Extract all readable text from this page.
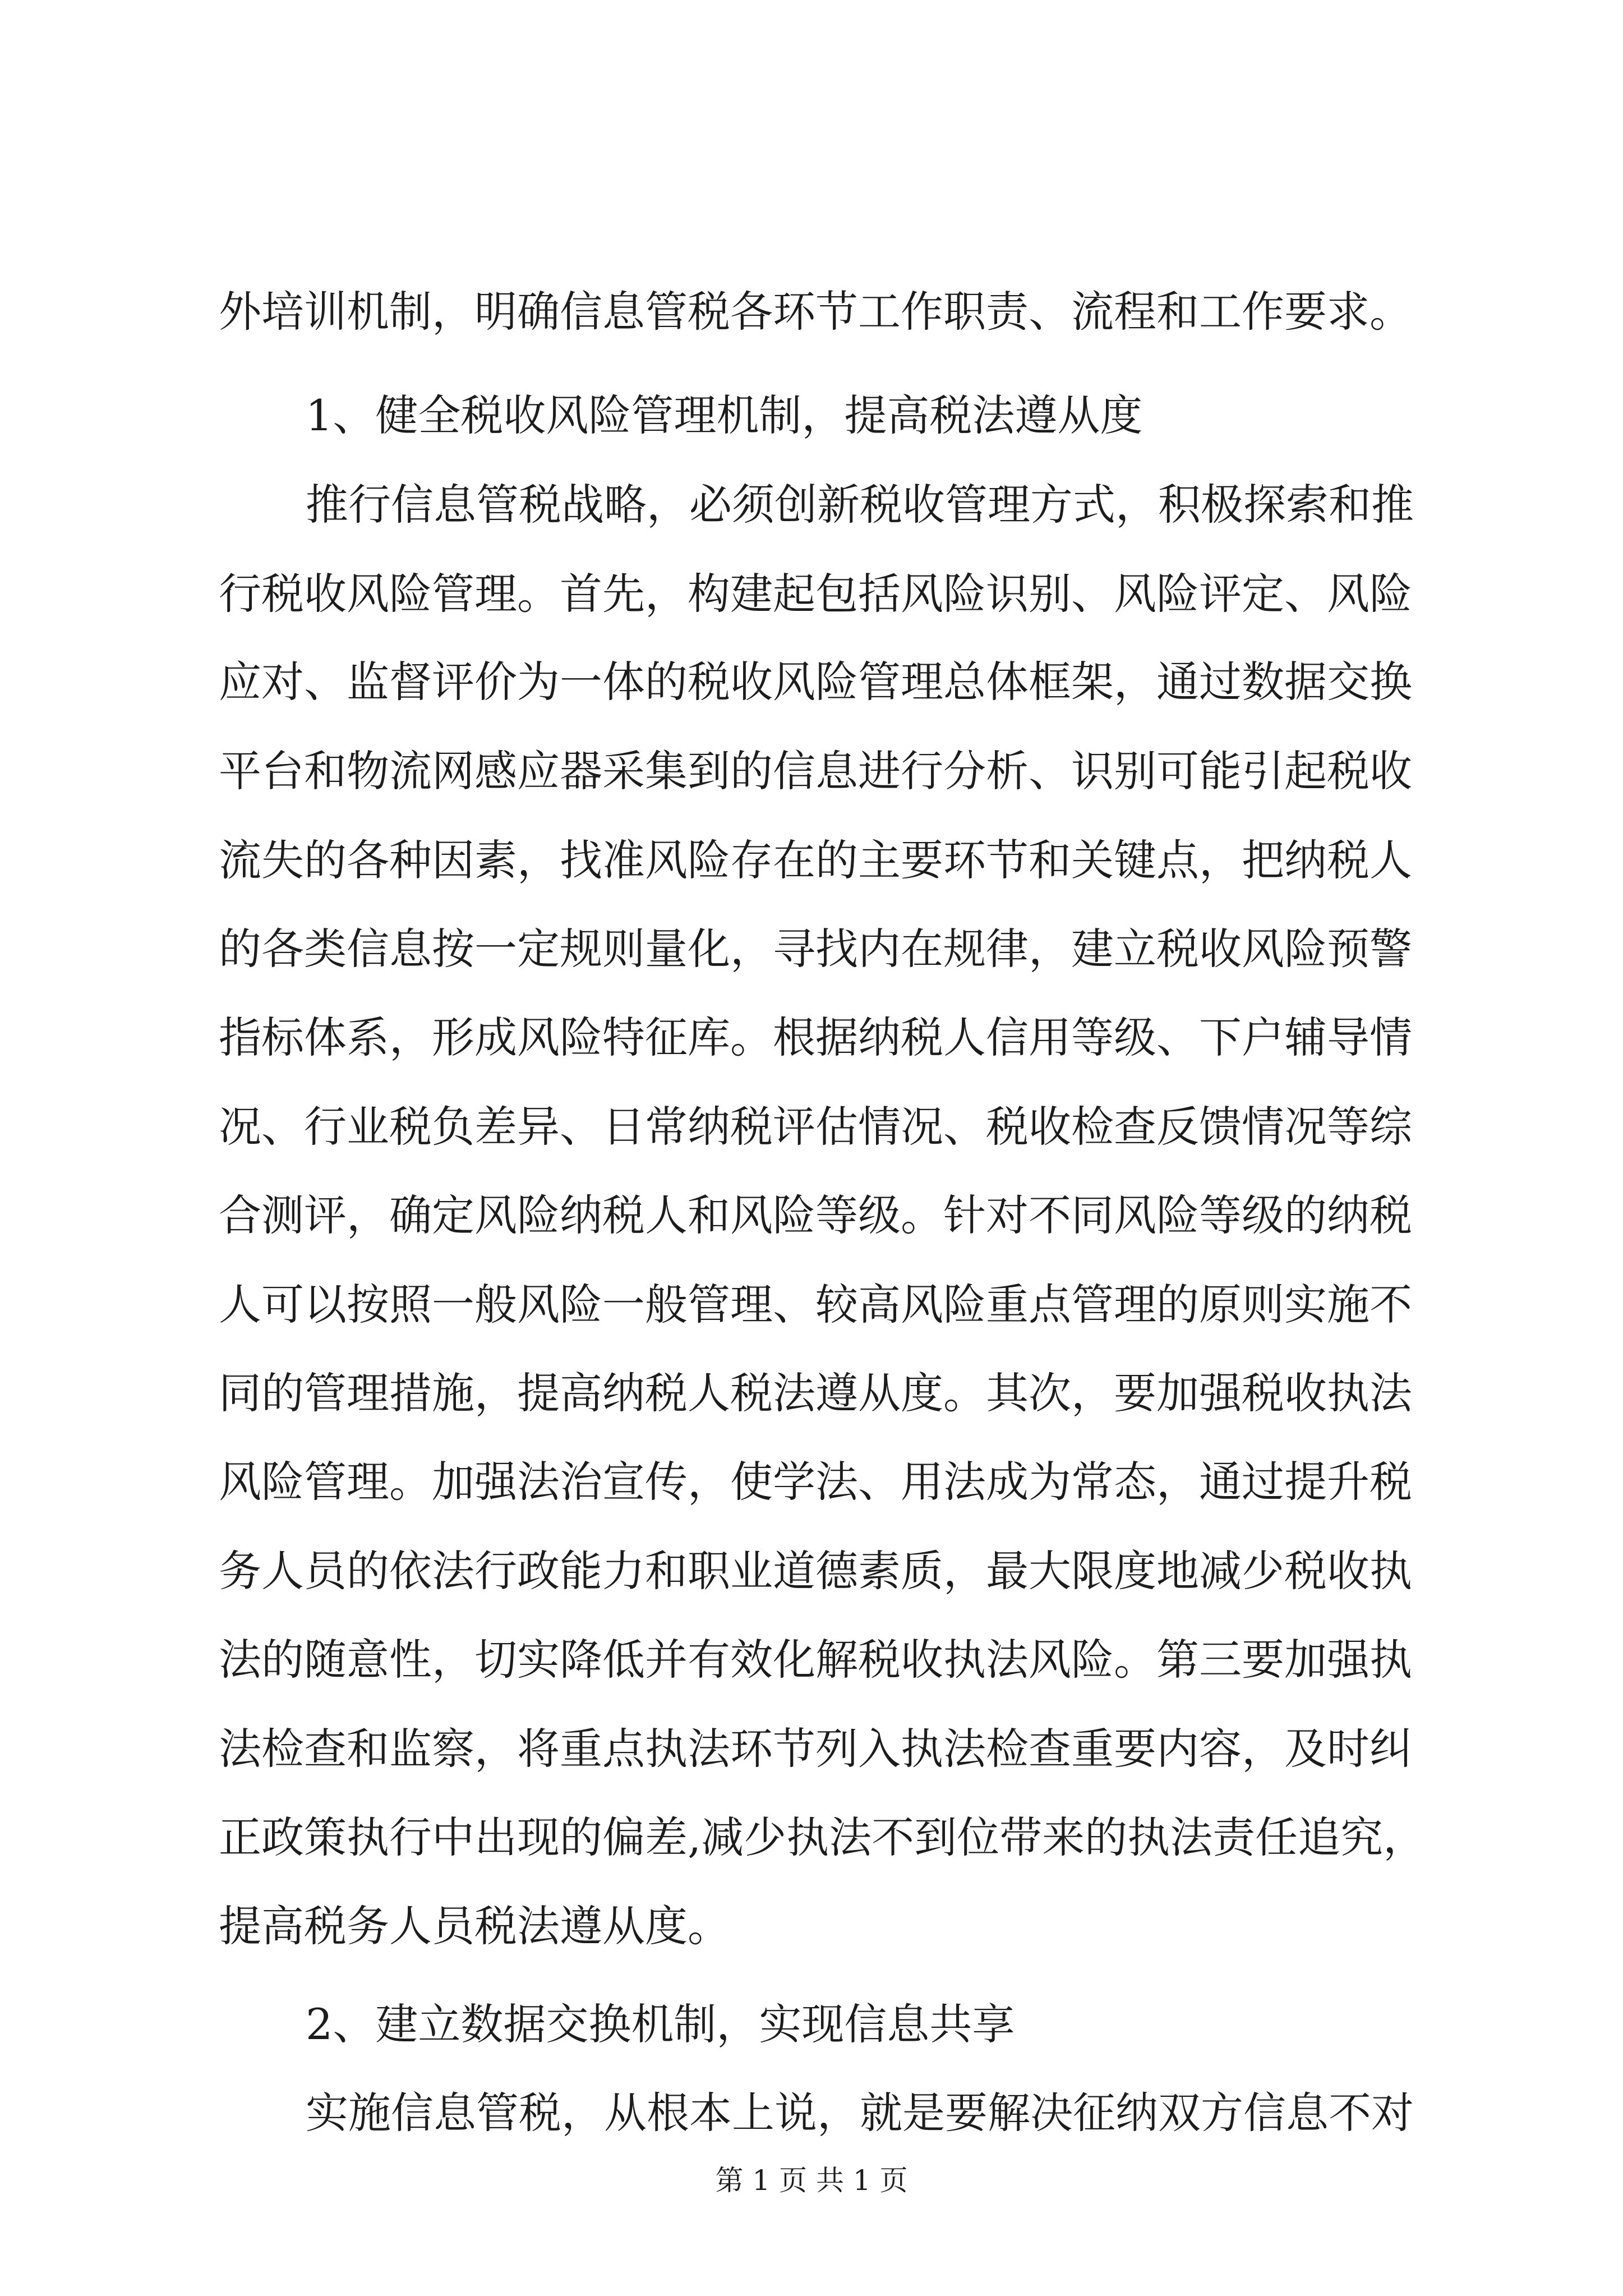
外培训机制，明确信息管税各环节工作职责、流程和工作要求。
1、健全税收风险管理机制，提高税法遵从度
推行信息管税战略，必须创新税收管理方式，积极探索和推
行税收风险管理。首先，构建起包括风险识别、风险评定、风险
应对、监督评价为一体的税收风险管理总体框架，通过数据交换
平台和物流网感应器采集到的信息进行分析、识别可能引起税收
流失的各种因素，找准风险存在的主要环节和关键点，把纳税人
的各类信息按一定规则量化，寻找内在规律，建立税收风险预警
指标体系，形成风险特征库。根据纳税人信用等级、下户辅导情
况、行业税负差异、日常纳税评估情况、税收检查反馈情况等综
合测评，确定风险纳税人和风险等级。针对不同风险等级的纳税
人可以按照一般风险一般管理、较高风险重点管理的原则实施不
同的管理措施，提高纳税人税法遵从度。其次，要加强税收执法
风险管理。加强法治宣传，使学法、用法成为常态，通过提升税
务人员的依法行政能力和职业道德素质，最大限度地减少税收执
法的随意性，切实降低并有效化解税收执法风险。第三要加强执
法检查和监察，将重点执法环节列入执法检查重要内容，及时纠
正政策执行中出现的偏差,减少执法不到位带来的执法责任追究，
提高税务人员税法遵从度。
2、建立数据交换机制，实现信息共享
实施信息管税，从根本上说，就是要解决征纳双方信息不对
第 1 页 共 1 页
